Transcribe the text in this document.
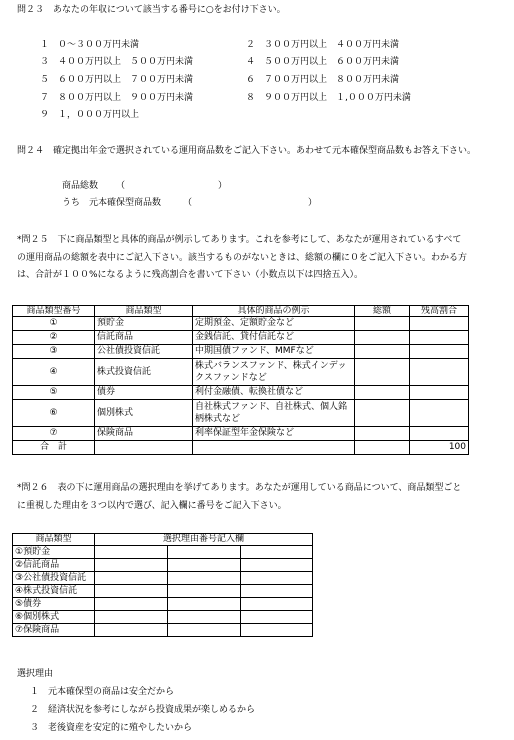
問２３　あなたの年収について該当する番号に○をお付け下さい。
１　０～３００万円未満	２　３００万円以上　４００万円未満
３　４００万円以上　５００万円未満	４　５００万円以上　６００万円未満
５　６００万円以上　７００万円未満	６　７００万円以上　８００万円未満
７　８００万円以上　９００万円未満	８　９００万円以上　１,０００万円未満
９　１，０００万円以上
問２４　確定拠出年金で選択されている運用商品数をご記入下さい。あわせて元本確保型商品数もお答え下さい。
商品総数 （	）
うち　元本確保型商品数 （	）
*問２５　下に商品類型と具体的商品が例示してあります。これを参考にして、あなたが運用されているすべて
の運用商品の総額を表中にご記入下さい。該当するものがないときは、総額の欄に０をご記入下さい。わかる方
は、合計が１００%になるように残高割合を書いて下さい（小数点以下は四捨五入）。
商品類型番号	商品類型	具体的商品の例示	総額	残高割合
①	預貯金	定期預金、定額貯金など		
②	信託商品	金銭信託、貸付信託など		
③	公社債投資信託	中期国債ファンド、MMFなど		
④	株式投資信託	株式バランスファンド、株式インデックスファンドなど		
⑤	債券	利付金融債、転換社債など		
⑥	個別株式	自社株式ファンド、自社株式、個人銘柄株式など		
⑦	保険商品	利率保証型年金保険など		
合　計				100
*問２６　表の下に運用商品の選択理由を挙げてあります。あなたが運用している商品について、商品類型ごと
に重視した理由を３つ以内で選び、記入欄に番号をご記入下さい。
商品類型	選択理由番号記入欄		
①預貯金			
②信託商品			
③公社債投資信託			
④株式投資信託			
⑤債券			
⑥個別株式			
⑦保険商品			
選択理由
１　元本確保型の商品は安全だから
２　経済状況を参考にしながら投資成果が楽しめるから
３　老後資産を安定的に殖やしたいから
